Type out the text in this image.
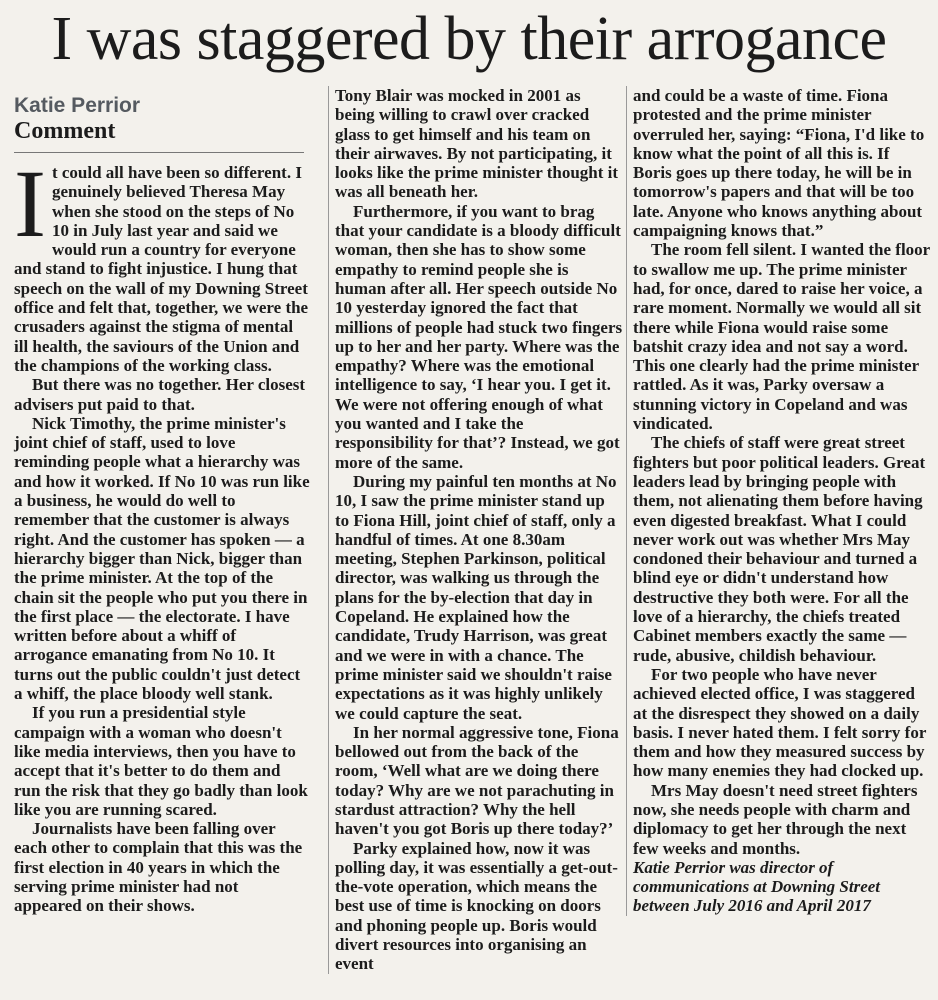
I was staggered by their arrogance
Katie Perrior
Comment

It could all have been so different. I genuinely believed Theresa May when she stood on the steps of No 10 in July last year and said we would run a country for everyone and stand to fight injustice. I hung that speech on the wall of my Downing Street office and felt that, together, we were the crusaders against the stigma of mental ill health, the saviours of the Union and the champions of the working class.

But there was no together. Her closest advisers put paid to that.

Nick Timothy, the prime minister's joint chief of staff, used to love reminding people what a hierarchy was and how it worked. If No 10 was run like a business, he would do well to remember that the customer is always right. And the customer has spoken — a hierarchy bigger than Nick, bigger than the prime minister. At the top of the chain sit the people who put you there in the first place — the electorate. I have written before about a whiff of arrogance emanating from No 10. It turns out the public couldn't just detect a whiff, the place bloody well stank.

If you run a presidential style campaign with a woman who doesn't like media interviews, then you have to accept that it's better to do them and run the risk that they go badly than look like you are running scared.

Journalists have been falling over each other to complain that this was the first election in 40 years in which the serving prime minister had not appeared on their shows.

Tony Blair was mocked in 2001 as being willing to crawl over cracked glass to get himself and his team on their airwaves. By not participating, it looks like the prime minister thought it was all beneath her.

Furthermore, if you want to brag that your candidate is a bloody difficult woman, then she has to show some empathy to remind people she is human after all. Her speech outside No 10 yesterday ignored the fact that millions of people had stuck two fingers up to her and her party. Where was the empathy? Where was the emotional intelligence to say, ‘I hear you. I get it. We were not offering enough of what you wanted and I take the responsibility for that’? Instead, we got more of the same.

During my painful ten months at No 10, I saw the prime minister stand up to Fiona Hill, joint chief of staff, only a handful of times. At one 8.30am meeting, Stephen Parkinson, political director, was walking us through the plans for the by-election that day in Copeland. He explained how the candidate, Trudy Harrison, was great and we were in with a chance. The prime minister said we shouldn't raise expectations as it was highly unlikely we could capture the seat.

In her normal aggressive tone, Fiona bellowed out from the back of the room, ‘Well what are we doing there today? Why are we not parachuting in stardust attraction? Why the hell haven't you got Boris up there today?’

Parky explained how, now it was polling day, it was essentially a get-out-the-vote operation, which means the best use of time is knocking on doors and phoning people up. Boris would divert resources into organising an event

and could be a waste of time. Fiona protested and the prime minister overruled her, saying: “Fiona, I'd like to know what the point of all this is. If Boris goes up there today, he will be in tomorrow's papers and that will be too late. Anyone who knows anything about campaigning knows that.”

The room fell silent. I wanted the floor to swallow me up. The prime minister had, for once, dared to raise her voice, a rare moment. Normally we would all sit there while Fiona would raise some batshit crazy idea and not say a word. This one clearly had the prime minister rattled. As it was, Parky oversaw a stunning victory in Copeland and was vindicated.

The chiefs of staff were great street fighters but poor political leaders. Great leaders lead by bringing people with them, not alienating them before having even digested breakfast. What I could never work out was whether Mrs May condoned their behaviour and turned a blind eye or didn't understand how destructive they both were. For all the love of a hierarchy, the chiefs treated Cabinet members exactly the same — rude, abusive, childish behaviour.

For two people who have never achieved elected office, I was staggered at the disrespect they showed on a daily basis. I never hated them. I felt sorry for them and how they measured success by how many enemies they had clocked up.

Mrs May doesn't need street fighters now, she needs people with charm and diplomacy to get her through the next few weeks and months.

Katie Perrior was director of communications at Downing Street between July 2016 and April 2017
